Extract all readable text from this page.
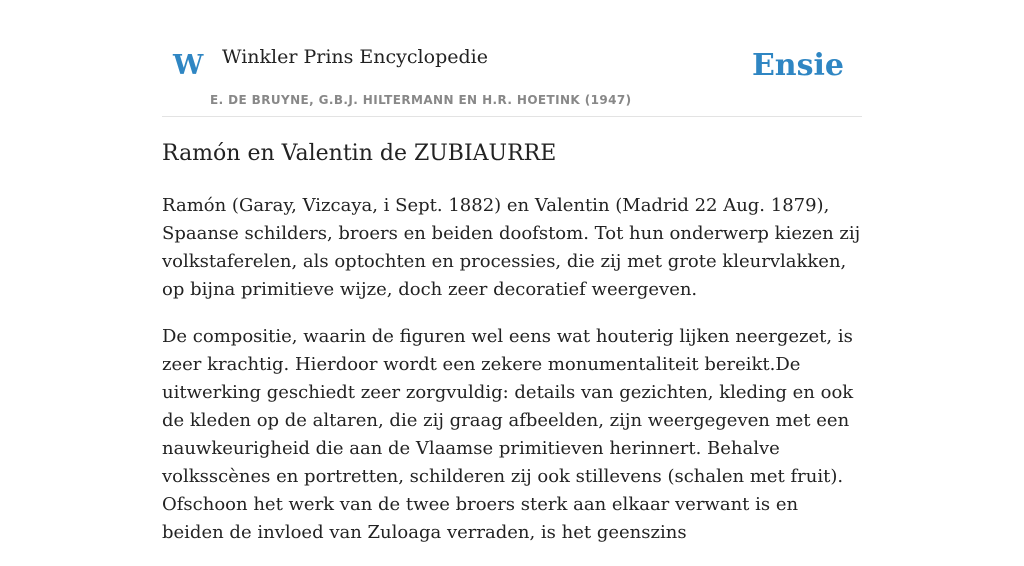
W Winkler Prins Encyclopedie
E. DE BRUYNE, G.B.J. HILTERMANN EN H.R. HOETINK (1947)
Ensie
Ramón en Valentin de ZUBIAURRE

Ramón (Garay, Vizcaya, i Sept. 1882) en Valentin (Madrid 22 Aug. 1879), Spaanse schilders, broers en beiden doofstom. Tot hun onderwerp kiezen zij volkstaferelen, als optochten en processies, die zij met grote kleurvlakken, op bijna primitieve wijze, doch zeer decoratief weergeven.

De compositie, waarin de figuren wel eens wat houterig lijken neergezet, is zeer krachtig. Hierdoor wordt een zekere monumentaliteit bereikt.De uitwerking geschiedt zeer zorgvuldig: details van gezichten, kleding en ook de kleden op de altaren, die zij graag afbeelden, zijn weergegeven met een nauwkeurigheid die aan de Vlaamse primitieven herinnert. Behalve volksscènes en portretten, schilderen zij ook stillevens (schalen met fruit). Ofschoon het werk van de twee broers sterk aan elkaar verwant is en beiden de invloed van Zuloaga verraden, is het geenszins
